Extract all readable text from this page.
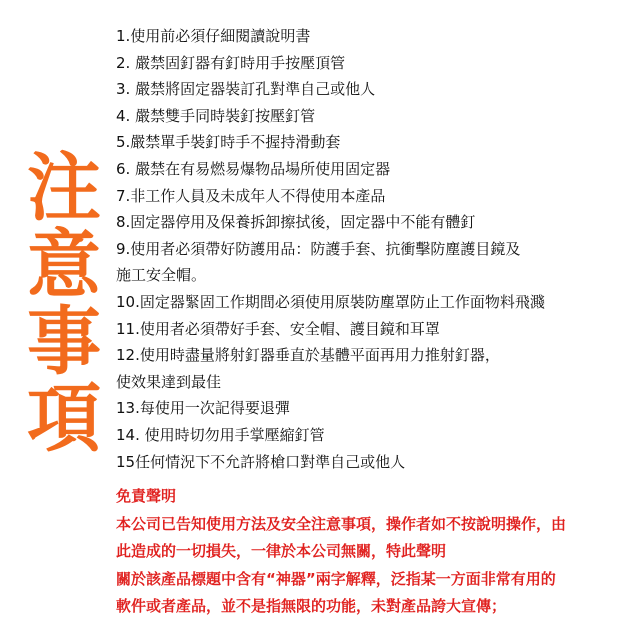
注
意
事
項
1.使用前必須仔細閱讀說明書
2. 嚴禁固釘器有釘時用手按壓頂管
3. 嚴禁將固定器裝訂孔對準自己或他人
4. 嚴禁雙手同時裝釘按壓釘管
5.嚴禁單手裝釘時手不握持滑動套
6. 嚴禁在有易燃易爆物品場所使用固定器
7.非工作人員及未成年人不得使用本產品
8.固定器停用及保養拆卸擦拭後，固定器中不能有體釘
9.使用者必須帶好防護用品：防護手套、抗衝擊防塵護目鏡及
施工安全帽。
10.固定器緊固工作期間必須使用原裝防塵罩防止工作面物料飛濺
11.使用者必須帶好手套、安全帽、護目鏡和耳罩
12.使用時盡量將射釘器垂直於基體平面再用力推射釘器，
使效果達到最佳
13.每使用一次記得要退彈
14. 使用時切勿用手掌壓縮釘管
15任何情況下不允許將槍口對準自己或他人
免責聲明
本公司已告知使用方法及安全注意事項，操作者如不按說明操作，由
此造成的一切損失，一律於本公司無關，特此聲明
關於該產品標題中含有“神器”兩字解釋，泛指某一方面非常有用的
軟件或者產品，並不是指無限的功能，未對產品誇大宣傳；
